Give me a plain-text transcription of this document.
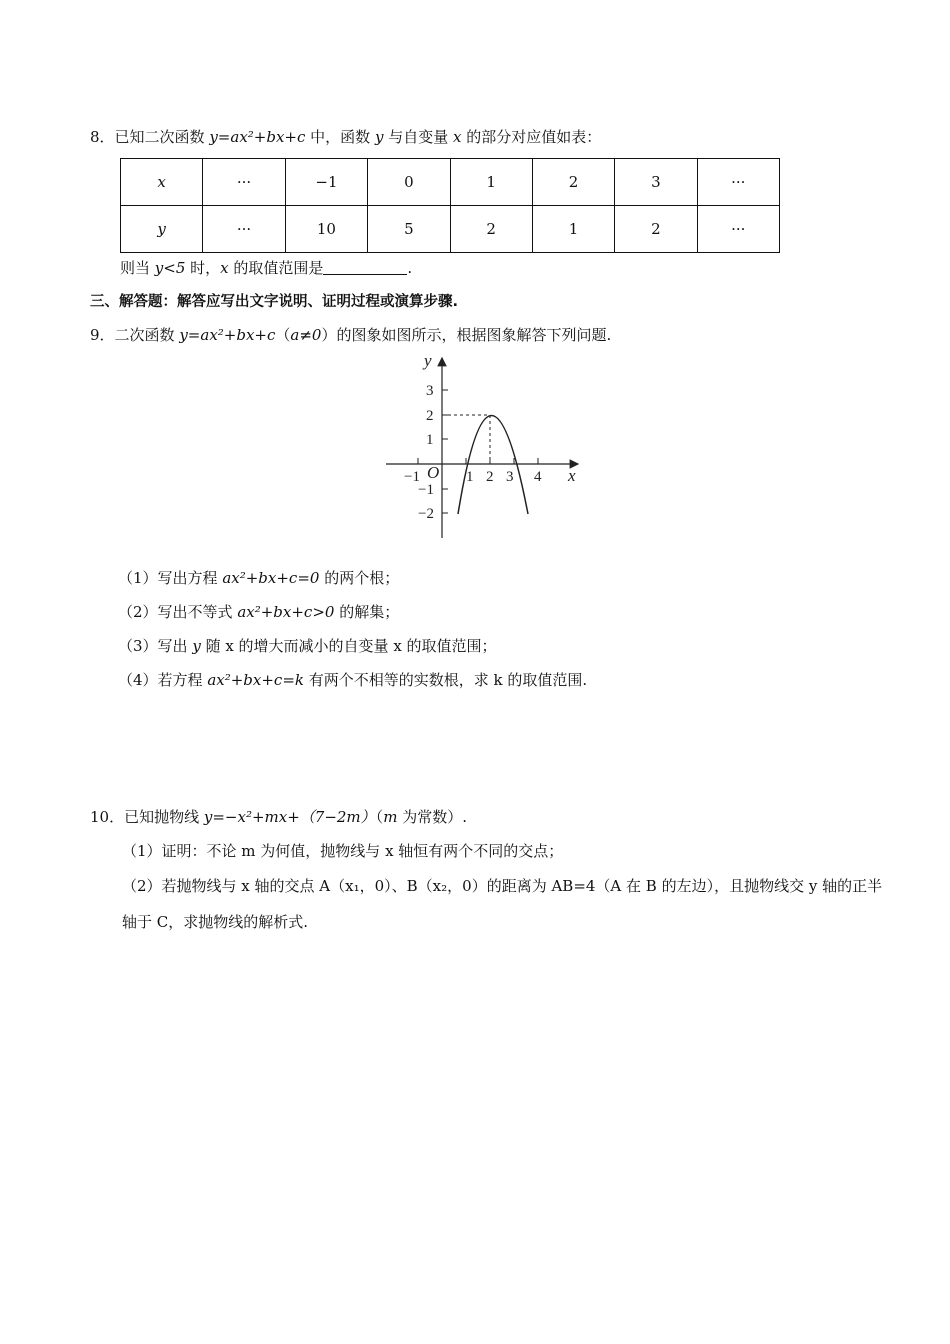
8．已知二次函数 y=ax²+bx+c 中，函数 y 与自变量 x 的部分对应值如表：
x	···	−1	0	1	2	3	···
y	···	10	5	2	1	2	···
则当 y<5 时，x 的取值范围是	.
三、解答题：解答应写出文字说明、证明过程或演算步骤.
9．二次函数 y=ax²+bx+c（a≠0）的图象如图所示，根据图象解答下列问题.
y
x
O
−1	1 2 3 4
3
2
1
−1
−2
（1）写出方程 ax²+bx+c=0 的两个根；
（2）写出不等式 ax²+bx+c>0 的解集；
（3）写出 y 随 x 的增大而减小的自变量 x 的取值范围；
（4）若方程 ax²+bx+c=k 有两个不相等的实数根，求 k 的取值范围.
10．已知抛物线 y=−x²+mx+（7−2m）（m 为常数）.
（1）证明：不论 m 为何值，抛物线与 x 轴恒有两个不同的交点；
（2）若抛物线与 x 轴的交点 A（x₁，0）、B（x₂，0）的距离为 AB=4（A 在 B 的左边），且抛物线交 y 轴的正半
轴于 C，求抛物线的解析式.
